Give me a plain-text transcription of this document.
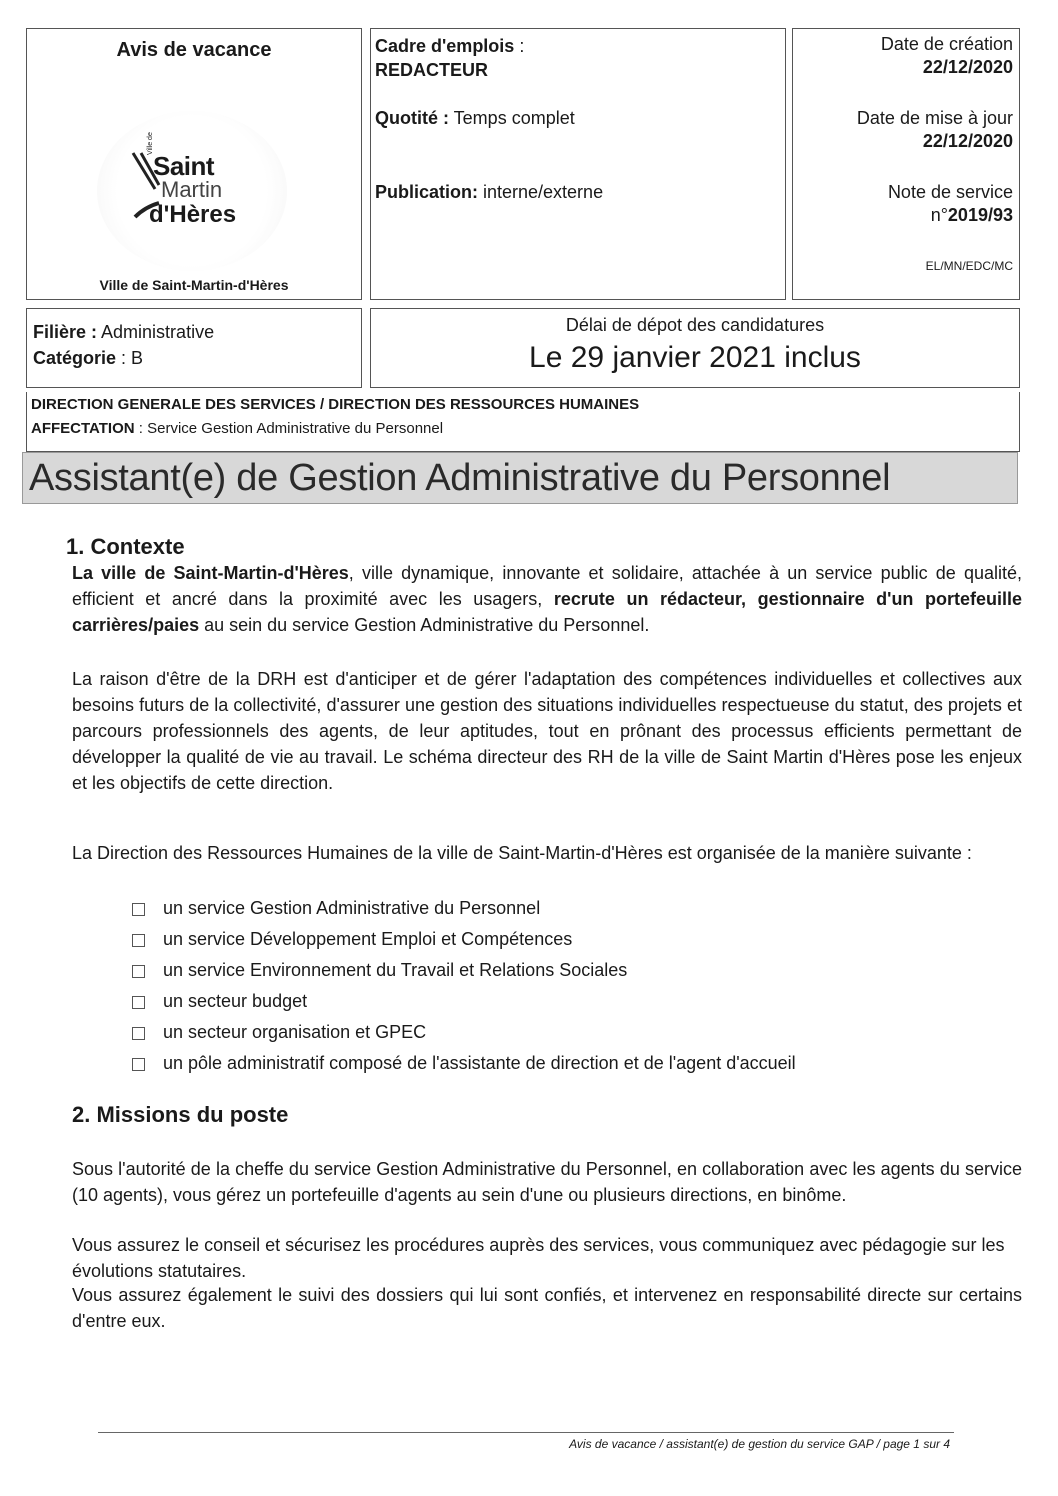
Avis de vacance
Ville de
Saint
Martin
d'Hères
Ville de Saint-Martin-d'Hères
Cadre d'emplois :
REDACTEUR
Quotité : Temps complet
Publication: interne/externe
Date de création
22/12/2020
Date de mise à jour
22/12/2020
Note de service
n°2019/93
EL/MN/EDC/MC
Filière : Administrative
Catégorie : B
Délai de dépot des candidatures
Le 29 janvier 2021 inclus
DIRECTION GENERALE DES SERVICES / DIRECTION DES RESSOURCES HUMAINES
AFFECTATION : Service Gestion Administrative du Personnel
Assistant(e) de Gestion Administrative du Personnel
1. Contexte

La ville de Saint-Martin-d'Hères, ville dynamique, innovante et solidaire, attachée à un service public de qualité, efficient et ancré dans la proximité avec les usagers, recrute un rédacteur, gestionnaire d'un portefeuille carrières/paies au sein du service Gestion Administrative du Personnel.

La raison d'être de la DRH est d'anticiper et de gérer l'adaptation des compétences individuelles et collectives aux besoins futurs de la collectivité, d'assurer une gestion des situations individuelles respectueuse du statut, des projets et parcours professionnels des agents, de leur aptitudes, tout en prônant des processus efficients permettant de développer la qualité de vie au travail. Le schéma directeur des RH de la ville de Saint Martin d'Hères pose les enjeux et les objectifs de cette direction.

La Direction des Ressources Humaines de la ville de Saint-Martin-d'Hères est organisée de la manière suivante :

un service Gestion Administrative du Personnel
un service Développement Emploi et Compétences
un service Environnement du Travail et Relations Sociales
un secteur budget
un secteur organisation et GPEC
un pôle administratif composé de l'assistante de direction et de l'agent d'accueil
2. Missions du poste

Sous l'autorité de la cheffe du service Gestion Administrative du Personnel, en collaboration avec les agents du service (10 agents), vous gérez un portefeuille d'agents au sein d'une ou plusieurs directions, en binôme.

Vous assurez le conseil et sécurisez les procédures auprès des services, vous communiquez avec pédagogie sur les évolutions statutaires.

Vous assurez également le suivi des dossiers qui lui sont confiés, et intervenez en responsabilité directe sur certains d'entre eux.

Avis de vacance / assistant(e) de gestion du service GAP / page 1 sur 4
